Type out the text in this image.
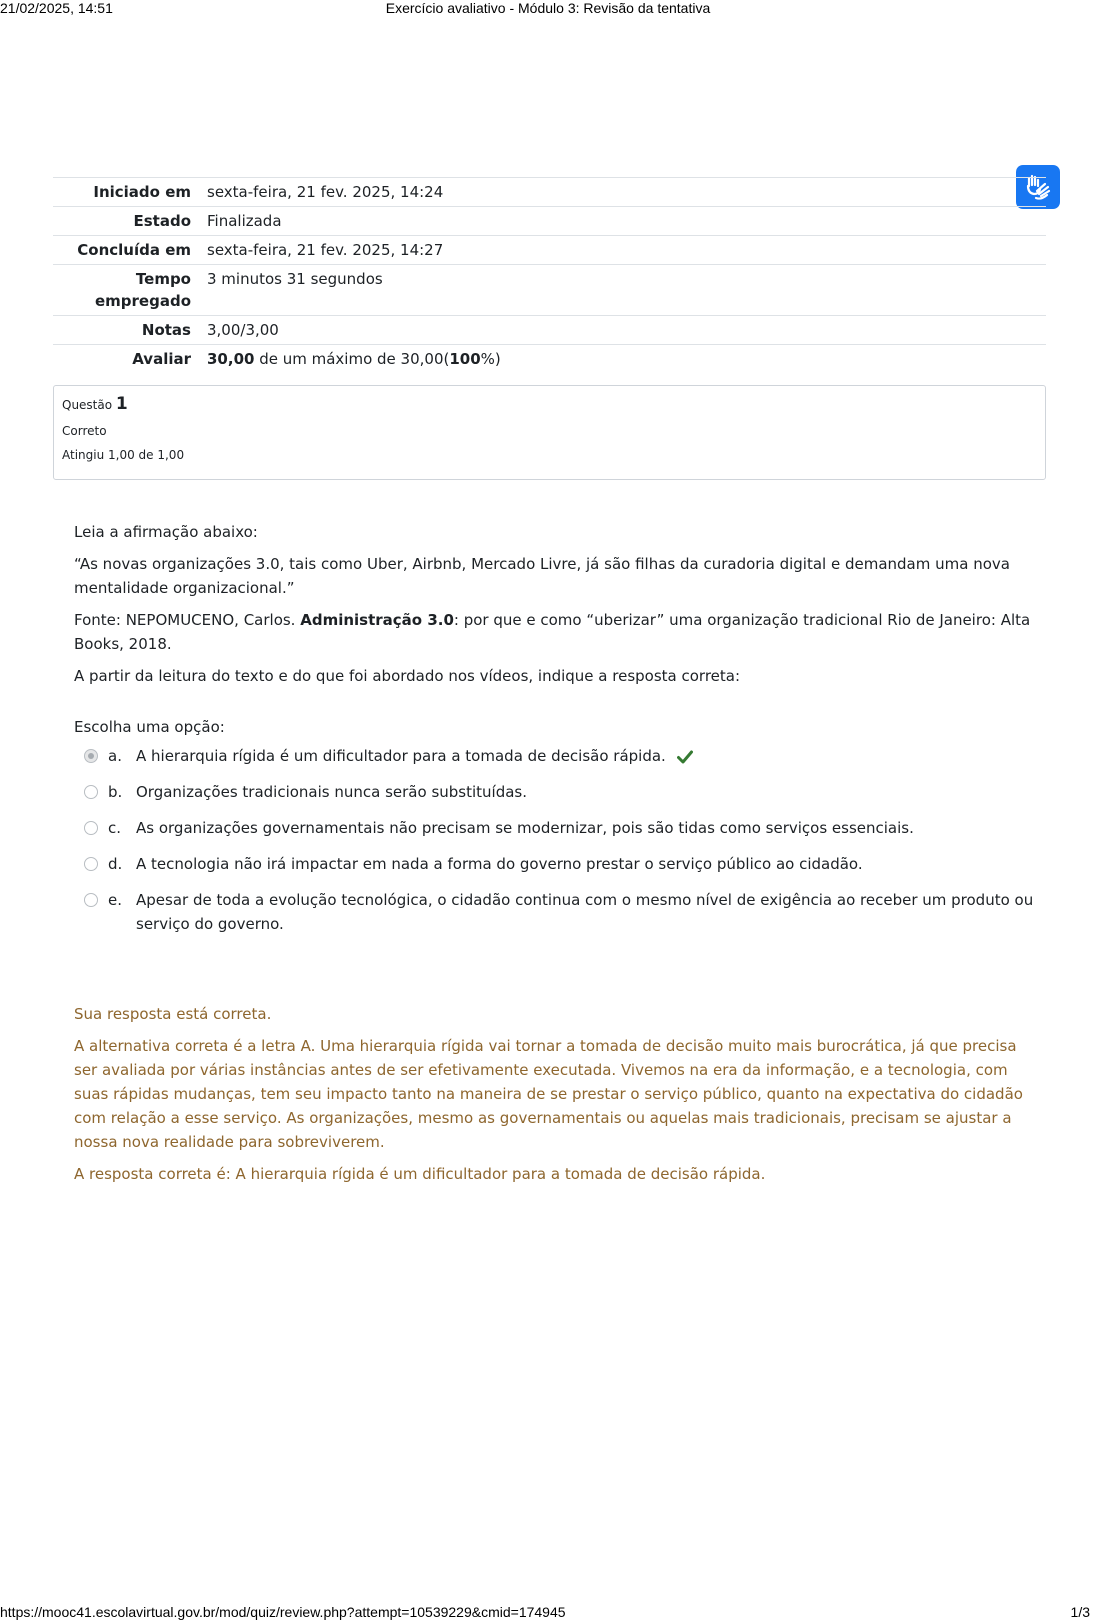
21/02/2025, 14:51	Exercício avaliativo - Módulo 3: Revisão da tentativa
Iniciado em	sexta-feira, 21 fev. 2025, 14:24
Estado	Finalizada
Concluída em	sexta-feira, 21 fev. 2025, 14:27
Tempo
empregado	3 minutos 31 segundos
Notas	3,00/3,00
Avaliar	30,00 de um máximo de 30,00(100%)
Questão 1
Correto
Atingiu 1,00 de 1,00

Leia a afirmação abaixo:

“As novas organizações 3.0, tais como Uber, Airbnb, Mercado Livre, já são filhas da curadoria digital e demandam uma nova mentalidade organizacional.”

Fonte: NEPOMUCENO, Carlos. Administração 3.0: por que e como “uberizar” uma organização tradicional Rio de Janeiro: Alta Books, 2018.

A partir da leitura do texto e do que foi abordado nos vídeos, indique a resposta correta:

Escolha uma opção:
a. A hierarquia rígida é um dificultador para a tomada de decisão rápida.
b. Organizações tradicionais nunca serão substituídas.
c. As organizações governamentais não precisam se modernizar, pois são tidas como serviços essenciais.
d. A tecnologia não irá impactar em nada a forma do governo prestar o serviço público ao cidadão.
e. Apesar de toda a evolução tecnológica, o cidadão continua com o mesmo nível de exigência ao receber um produto ou serviço do governo.

Sua resposta está correta.

A alternativa correta é a letra A. Uma hierarquia rígida vai tornar a tomada de decisão muito mais burocrática, já que precisa ser avaliada por várias instâncias antes de ser efetivamente executada. Vivemos na era da informação, e a tecnologia, com suas rápidas mudanças, tem seu impacto tanto na maneira de se prestar o serviço público, quanto na expectativa do cidadão com relação a esse serviço. As organizações, mesmo as governamentais ou aquelas mais tradicionais, precisam se ajustar a nossa nova realidade para sobreviverem.

A resposta correta é: A hierarquia rígida é um dificultador para a tomada de decisão rápida.

https://mooc41.escolavirtual.gov.br/mod/quiz/review.php?attempt=10539229&cmid=174945	1/3
